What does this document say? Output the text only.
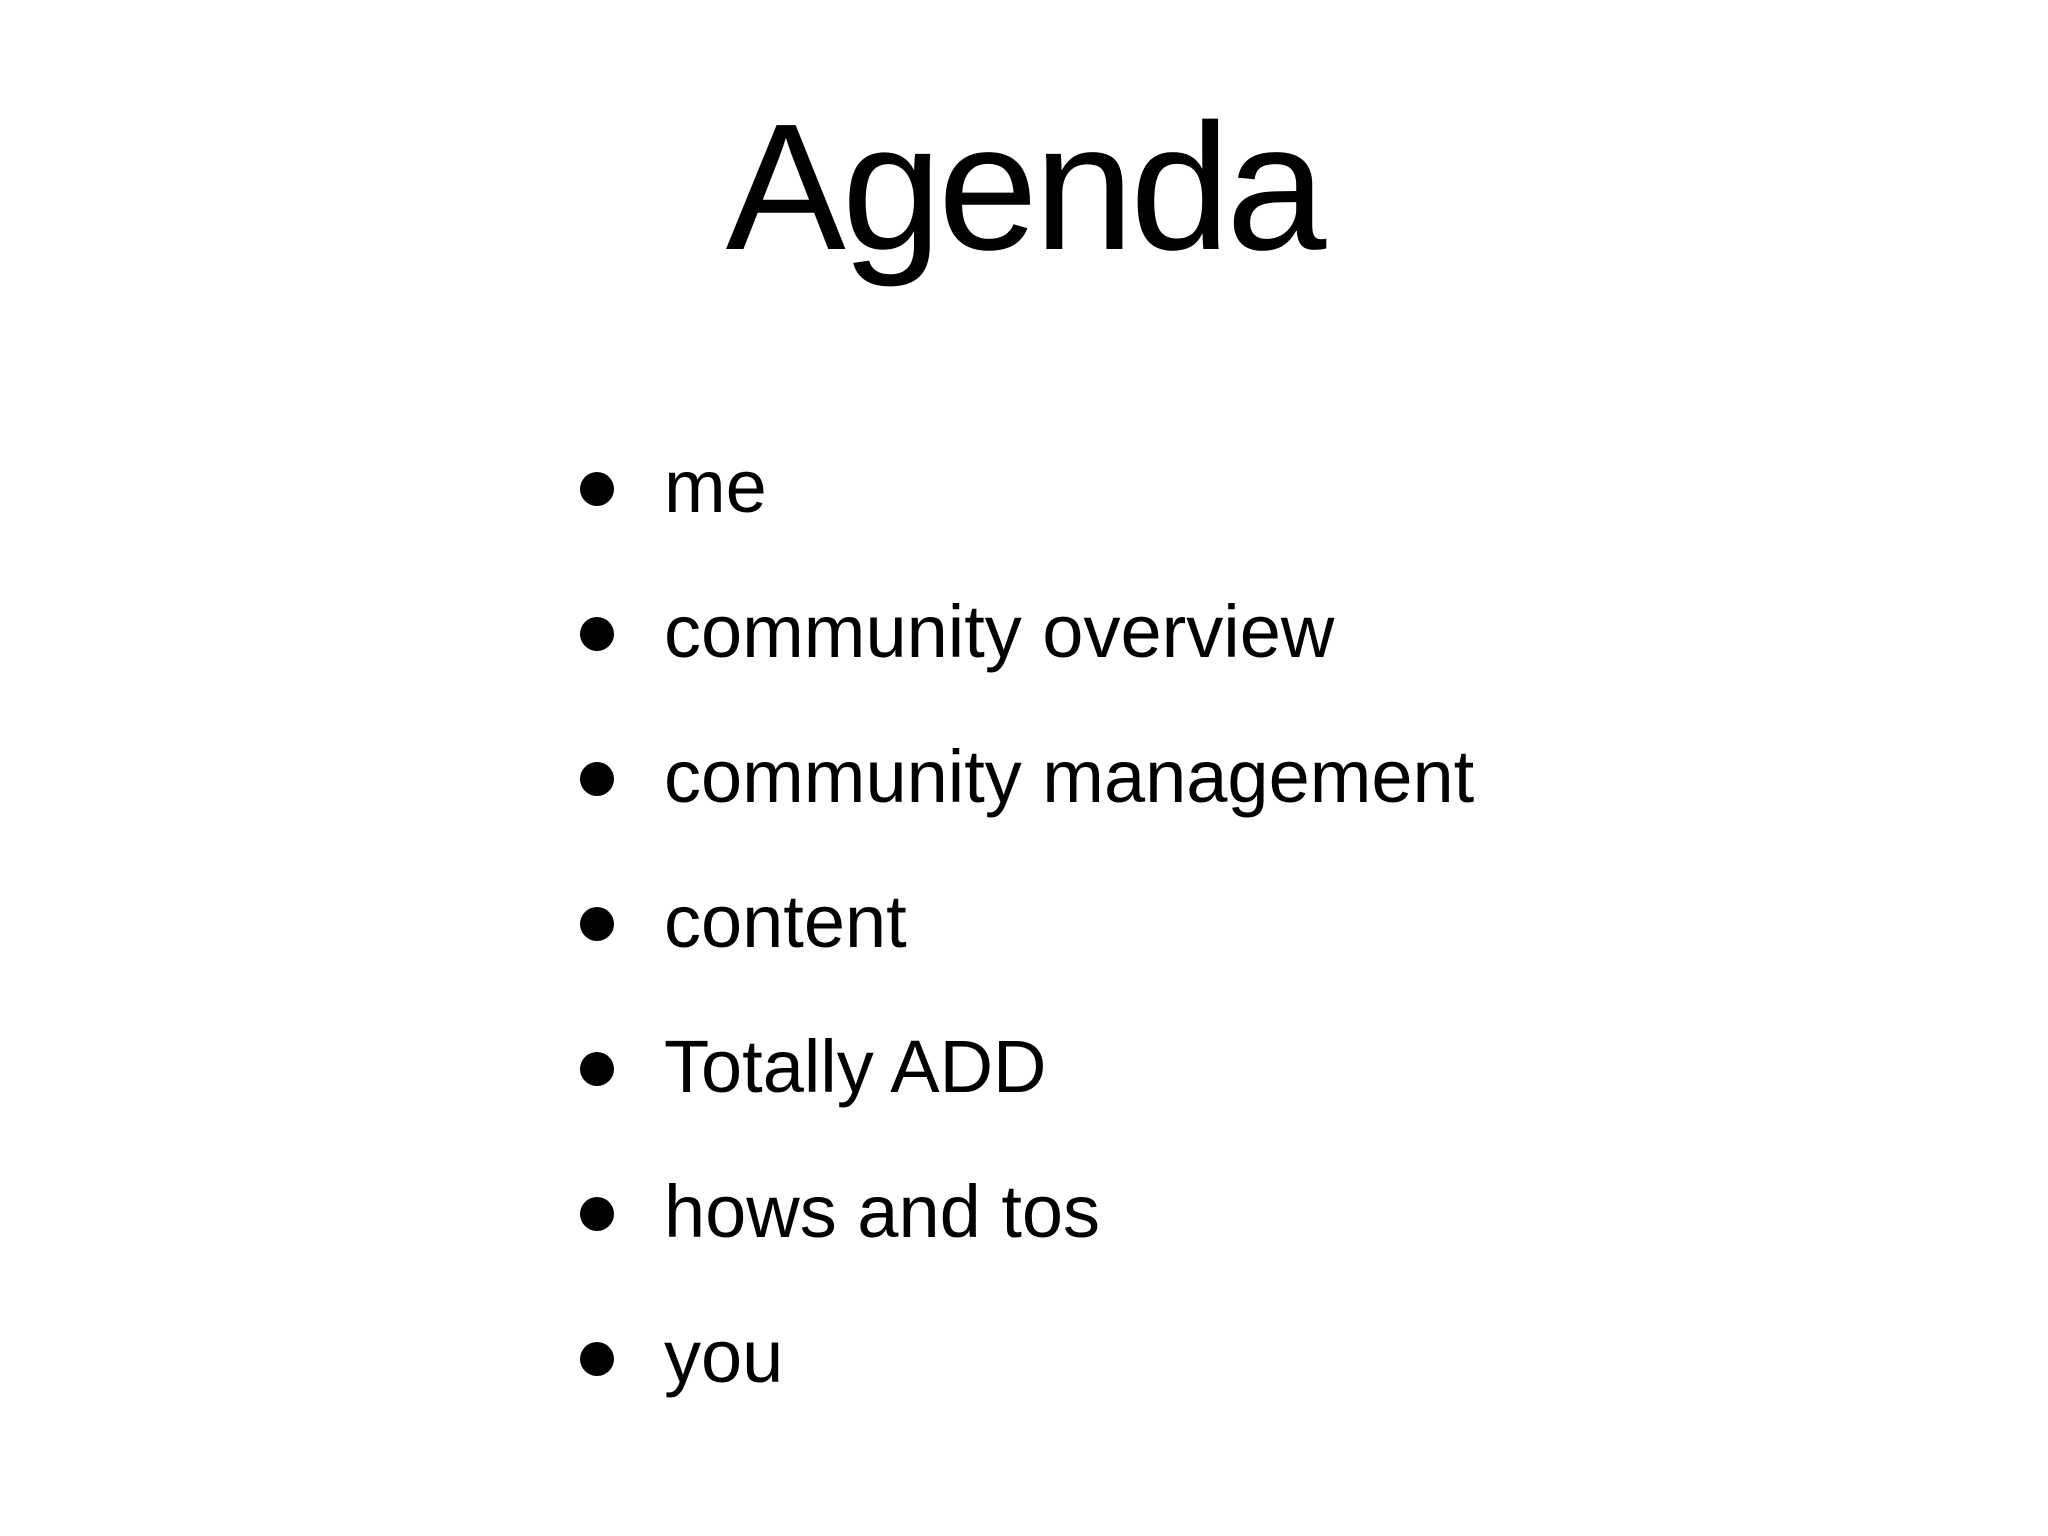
Agenda
me
community overview
community management
content
Totally ADD
hows and tos
you
